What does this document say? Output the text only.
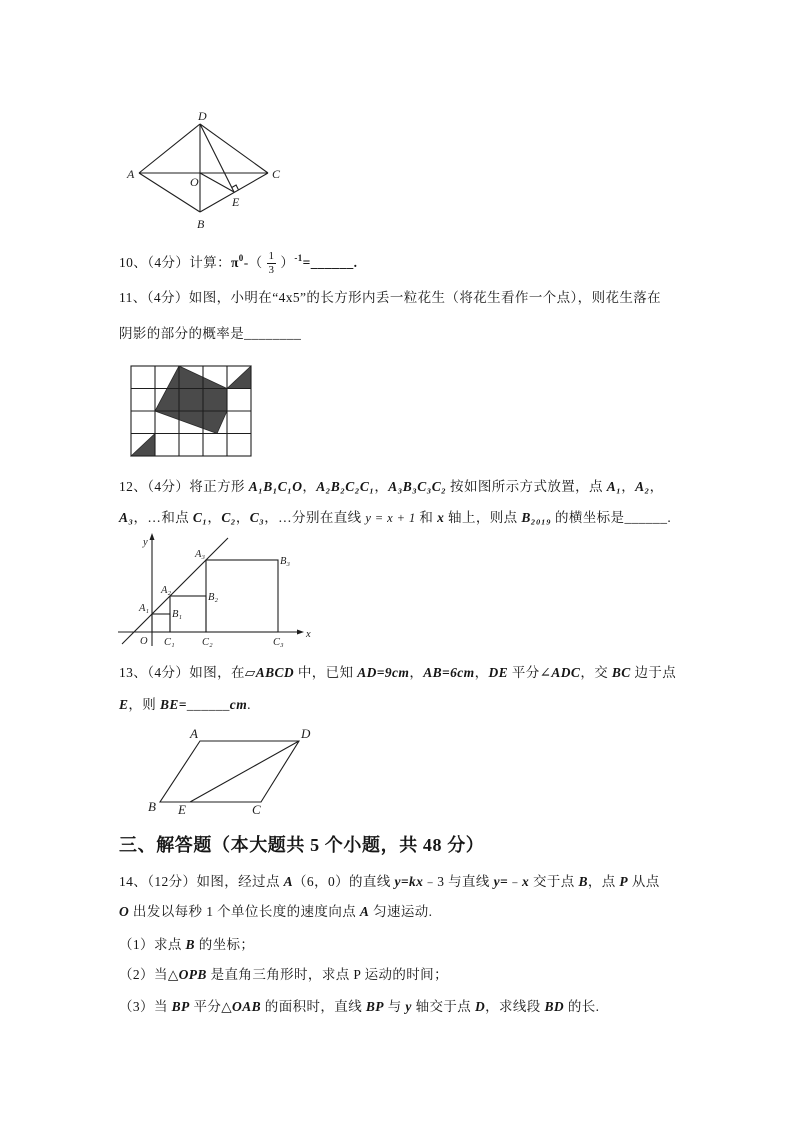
D
A
O
C
E
B
10、（4分）计算： π 0 -（ $\frac{1}{3}$ ） -1 =______.
11、（4分）如图，小明在“4x5”的长方形内丢一粒花生（将花生看作一个点），则花生落在
阴影的部分的概率是________
12、（4分）将正方形 A₁B₁C₁O ， A₂B₂C₂C₁ ， A₃B₃C₃C₂ 按如图所示方式放置，点 A₁ ， A₂ ，
A₃ ，…和点 C₁ ， C₂ ， C₃ ，…分别在直线 y = x + 1 和 x 轴上，则点 B₂₀₁₉ 的横坐标是______.
y
A₃
B₃
A₂
B₂
A₁
B₁
O C₁	C₂	C₃
x
13、（4分）如图，在▱ ABCD 中，已知 AD=9cm ， AB=6cm ， DE 平分∠ ADC ，交 BC 边于点
E ，则 BE= ______ cm .
A	D
B E	C
三、解答题（本大题共 5 个小题，共 48 分）
14、（12分）如图，经过点 A （6，0）的直线 y=kx ﹣3 与直线 y= ﹣ x 交于点 B ，点 P 从点
O 出发以每秒 1 个单位长度的速度向点 A 匀速运动.
（1）求点 B 的坐标；
（2）当△ OPB 是直角三角形时，求点 P 运动的时间；
（3）当 BP 平分△ OAB 的面积时，直线 BP 与 y 轴交于点 D ，求线段 BD 的长.
